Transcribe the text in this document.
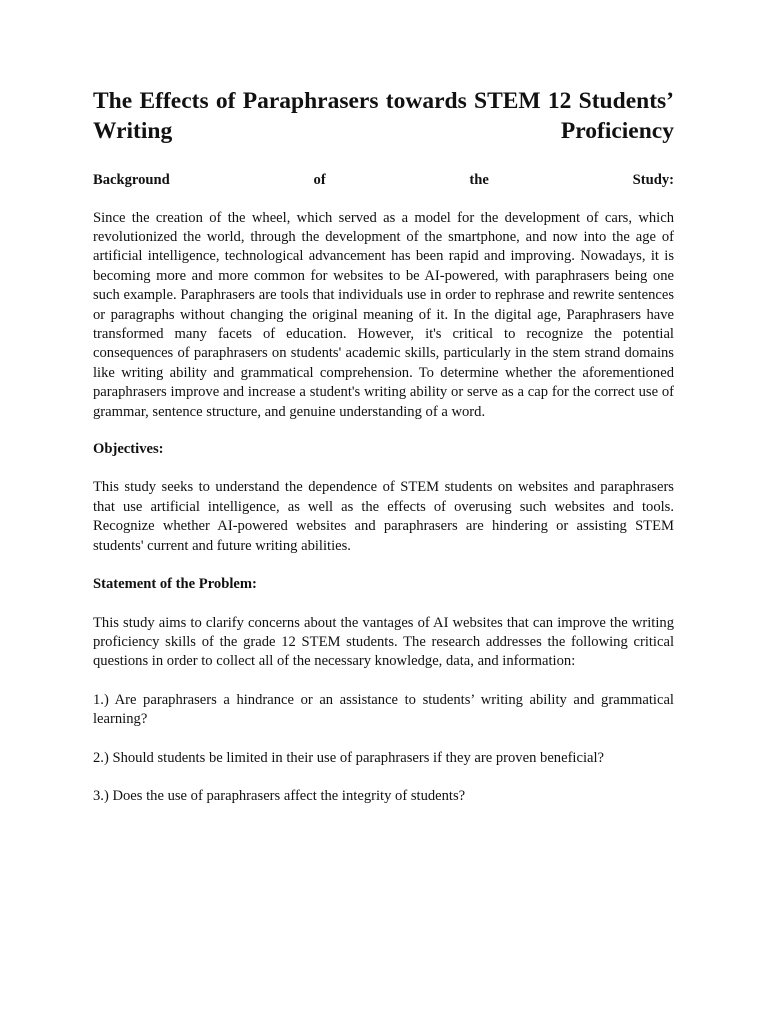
The Effects of Paraphrasers towards STEM 12 Students’ Writing Proficiency

Background of the Study:

Since the creation of the wheel, which served as a model for the development of cars, which revolutionized the world, through the development of the smartphone, and now into the age of artificial intelligence, technological advancement has been rapid and improving. Nowadays, it is becoming more and more common for websites to be AI-powered, with paraphrasers being one such example. Paraphrasers are tools that individuals use in order to rephrase and rewrite sentences or paragraphs without changing the original meaning of it. In the digital age, Paraphrasers have transformed many facets of education. However, it's critical to recognize the potential consequences of paraphrasers on students' academic skills, particularly in the stem strand domains like writing ability and grammatical comprehension. To determine whether the aforementioned paraphrasers improve and increase a student's writing ability or serve as a cap for the correct use of grammar, sentence structure, and genuine understanding of a word.

Objectives:

This study seeks to understand the dependence of STEM students on websites and paraphrasers that use artificial intelligence, as well as the effects of overusing such websites and tools. Recognize whether AI-powered websites and paraphrasers are hindering or assisting STEM students' current and future writing abilities.

Statement of the Problem:

This study aims to clarify concerns about the vantages of AI websites that can improve the writing proficiency skills of the grade 12 STEM students. The research addresses the following critical questions in order to collect all of the necessary knowledge, data, and information:

1.) Are paraphrasers a hindrance or an assistance to students’ writing ability and grammatical learning?

2.) Should students be limited in their use of paraphrasers if they are proven beneficial?

3.) Does the use of paraphrasers affect the integrity of students?
